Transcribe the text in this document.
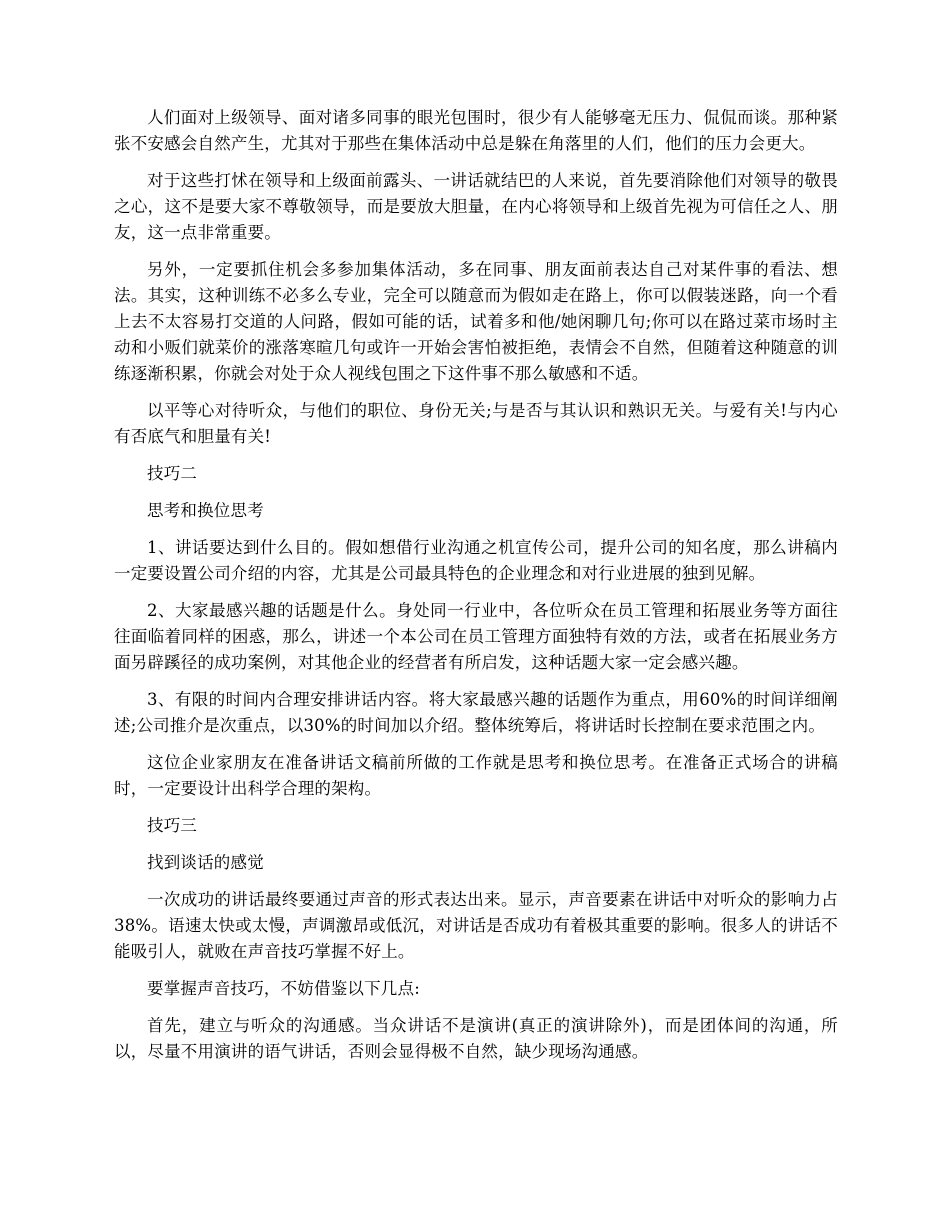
人们面对上级领导、面对诸多同事的眼光包围时，很少有人能够毫无压力、侃侃而谈。那种紧张不安感会自然产生，尤其对于那些在集体活动中总是躲在角落里的人们，他们的压力会更大。

对于这些打怵在领导和上级面前露头、一讲话就结巴的人来说，首先要消除他们对领导的敬畏之心，这不是要大家不尊敬领导，而是要放大胆量，在内心将领导和上级首先视为可信任之人、朋友，这一点非常重要。

另外，一定要抓住机会多参加集体活动，多在同事、朋友面前表达自己对某件事的看法、想法。其实，这种训练不必多么专业，完全可以随意而为假如走在路上，你可以假装迷路，向一个看上去不太容易打交道的人问路，假如可能的话，试着多和他/她闲聊几句;你可以在路过菜市场时主动和小贩们就菜价的涨落寒暄几句或许一开始会害怕被拒绝，表情会不自然，但随着这种随意的训练逐渐积累，你就会对处于众人视线包围之下这件事不那么敏感和不适。

以平等心对待听众，与他们的职位、身份无关;与是否与其认识和熟识无关。与爱有关!与内心有否底气和胆量有关!

技巧二

思考和换位思考

1、讲话要达到什么目的。假如想借行业沟通之机宣传公司，提升公司的知名度，那么讲稿内一定要设置公司介绍的内容，尤其是公司最具特色的企业理念和对行业进展的独到见解。

2、大家最感兴趣的话题是什么。身处同一行业中，各位听众在员工管理和拓展业务等方面往往面临着同样的困惑，那么，讲述一个本公司在员工管理方面独特有效的方法，或者在拓展业务方面另辟蹊径的成功案例，对其他企业的经营者有所启发，这种话题大家一定会感兴趣。

3、有限的时间内合理安排讲话内容。将大家最感兴趣的话题作为重点，用60%的时间详细阐述;公司推介是次重点，以30%的时间加以介绍。整体统筹后，将讲话时长控制在要求范围之内。

这位企业家朋友在准备讲话文稿前所做的工作就是思考和换位思考。在准备正式场合的讲稿时，一定要设计出科学合理的架构。

技巧三

找到谈话的感觉

一次成功的讲话最终要通过声音的形式表达出来。显示，声音要素在讲话中对听众的影响力占38%。语速太快或太慢，声调激昂或低沉，对讲话是否成功有着极其重要的影响。很多人的讲话不能吸引人，就败在声音技巧掌握不好上。

要掌握声音技巧，不妨借鉴以下几点:

首先，建立与听众的沟通感。当众讲话不是演讲(真正的演讲除外)，而是团体间的沟通，所以，尽量不用演讲的语气讲话，否则会显得极不自然，缺少现场沟通感。
